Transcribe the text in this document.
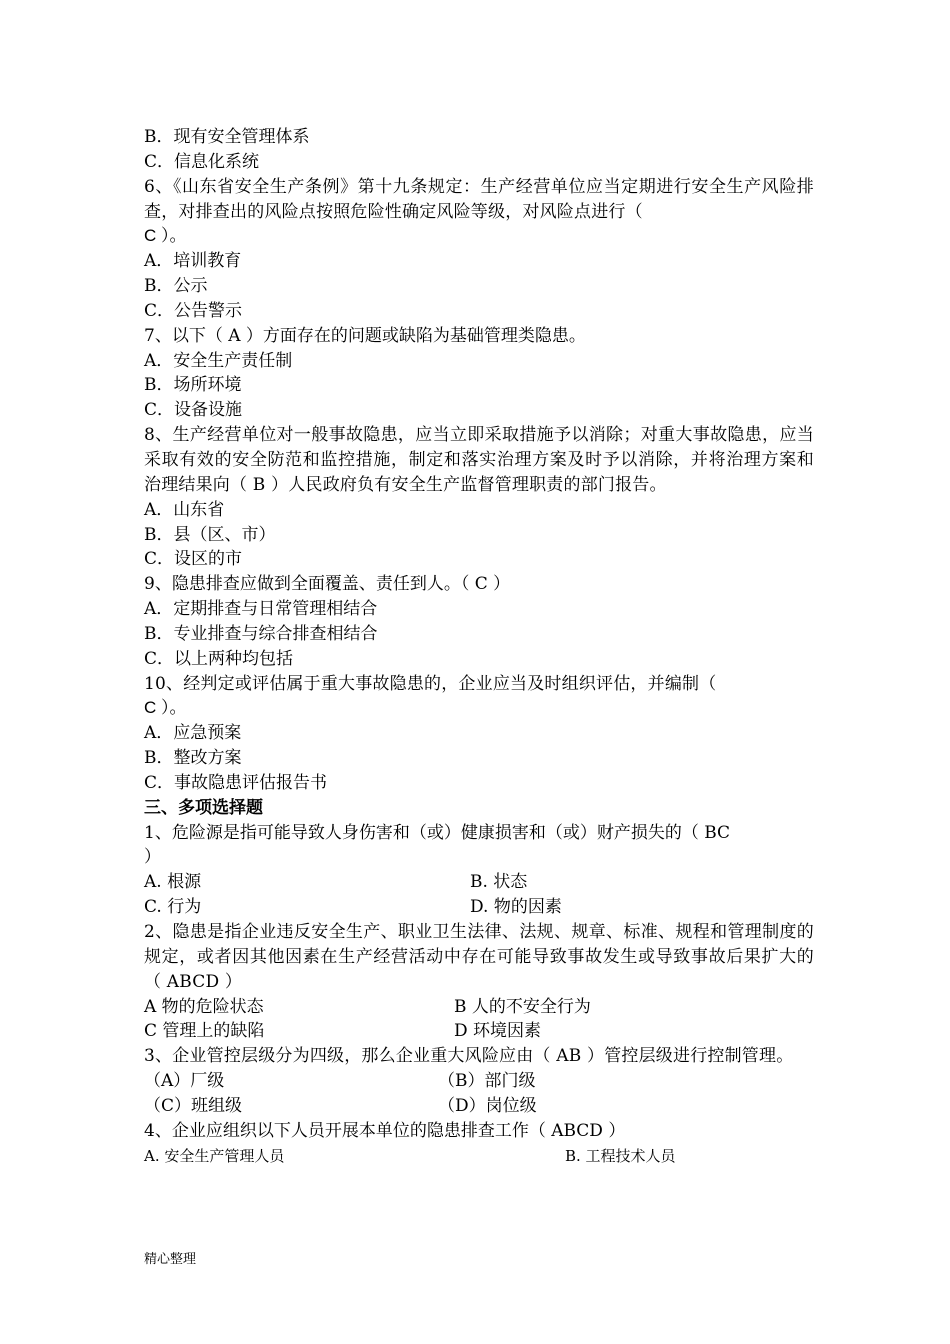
B．现有安全管理体系
C．信息化系统
6、《山东省安全生产条例》第十九条规定：生产经营单位应当定期进行安全生产风险排查，对排查出的风险点按照危险性确定风险等级，对风险点进行（
C ）。
A．培训教育
B．公示
C．公告警示
7、以下（ A ）方面存在的问题或缺陷为基础管理类隐患。
A．安全生产责任制
B．场所环境
C．设备设施
8、生产经营单位对一般事故隐患，应当立即采取措施予以消除；对重大事故隐患，应当采取有效的安全防范和监控措施，制定和落实治理方案及时予以消除，并将治理方案和治理结果向（ B ）人民政府负有安全生产监督管理职责的部门报告。
A．山东省
B．县（区、市）
C．设区的市
9、隐患排查应做到全面覆盖、责任到人。（ C ）
A．定期排查与日常管理相结合
B．专业排查与综合排查相结合
C．以上两种均包括
10、经判定或评估属于重大事故隐患的，企业应当及时组织评估，并编制（
C ）。
A．应急预案
B．整改方案
C．事故隐患评估报告书
三、多项选择题
1、危险源是指可能导致人身伤害和（或）健康损害和（或）财产损失的（ BC
）
A. 根源	B. 状态
C. 行为	D. 物的因素
2、隐患是指企业违反安全生产、职业卫生法律、法规、规章、标准、规程和管理制度的规定，或者因其他因素在生产经营活动中存在可能导致事故发生或导致事故后果扩大的（ ABCD ）
A 物的危险状态	B 人的不安全行为
C 管理上的缺陷	D 环境因素
3、企业管控层级分为四级，那么企业重大风险应由（ AB ）管控层级进行控制管理。
（A）厂级	（B）部门级
（C）班组级	（D）岗位级
4、企业应组织以下人员开展本单位的隐患排查工作（ ABCD ）
A. 安全生产管理人员	B. 工程技术人员
精心整理
